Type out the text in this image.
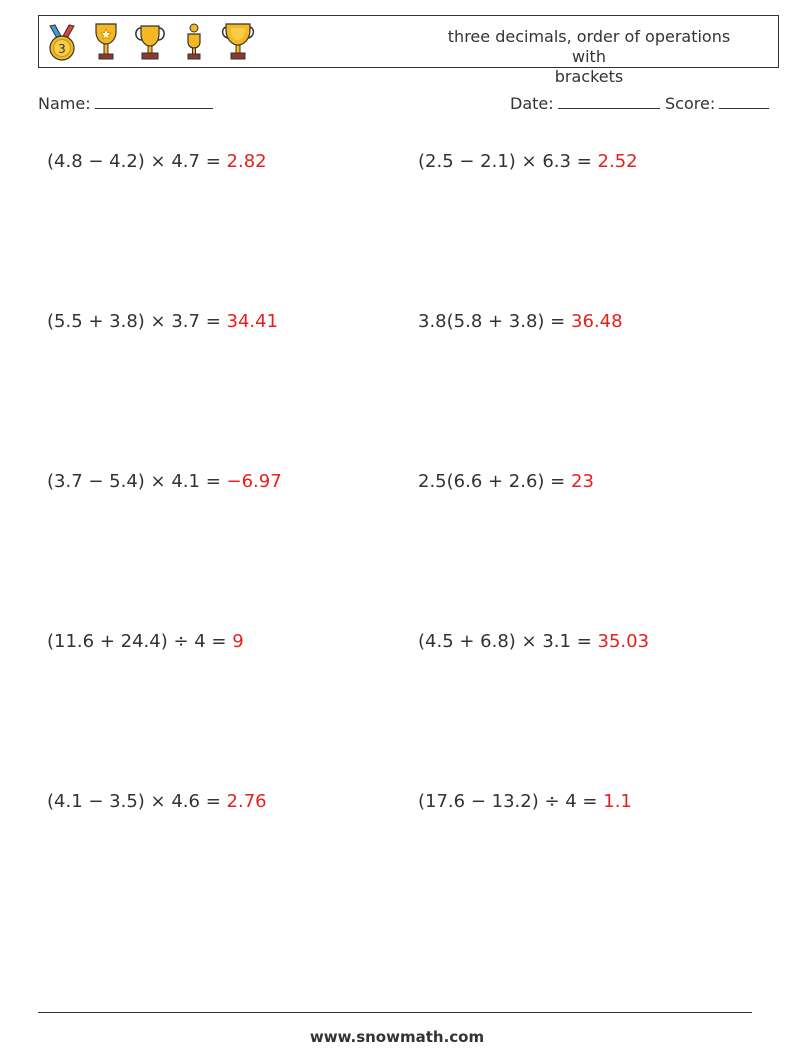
3
three decimals, order of operations with
brackets
Name:	Date:	Score:
(4.8 − 4.2) × 4.7 = 2.82	(2.5 − 2.1) × 6.3 = 2.52
(5.5 + 3.8) × 3.7 = 34.41	3.8(5.8 + 3.8) = 36.48
(3.7 − 5.4) × 4.1 = −6.97	2.5(6.6 + 2.6) = 23
(11.6 + 24.4) ÷ 4 = 9	(4.5 + 6.8) × 3.1 = 35.03
(4.1 − 3.5) × 4.6 = 2.76	(17.6 − 13.2) ÷ 4 = 1.1
www.snowmath.com
